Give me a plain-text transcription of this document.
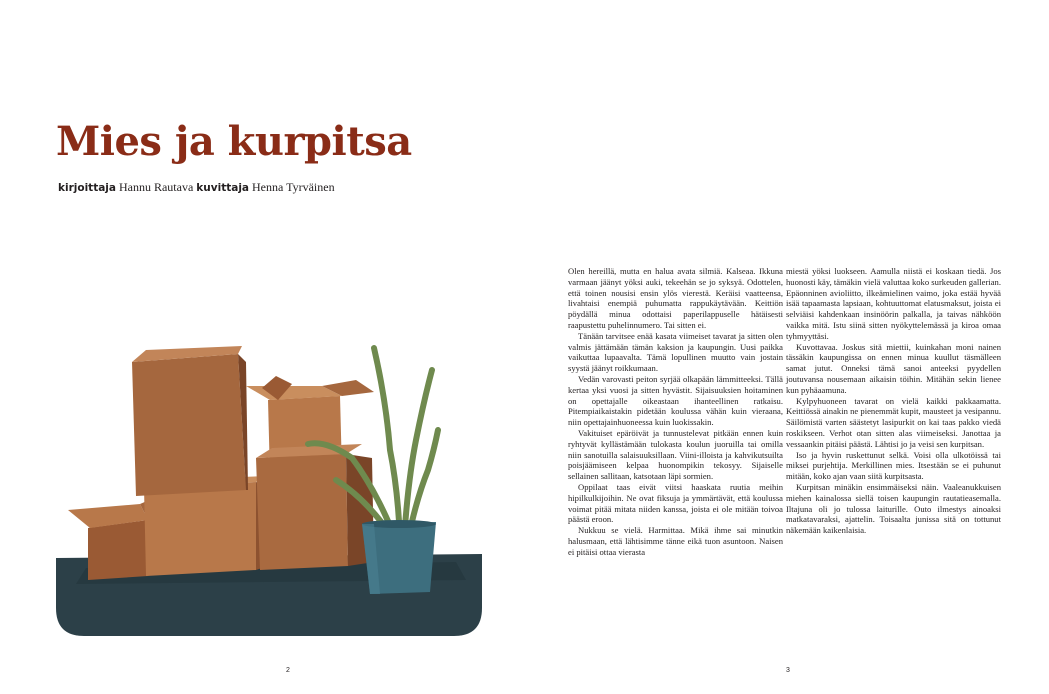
Mies ja kurpitsa
kirjoittaja Hannu Rautava kuvittaja Henna Tyrväinen
2

Olen hereillä, mutta en halua avata silmiä. Kalseaa. Ikkuna varmaan jäänyt yöksi auki, tekeehän se jo syksyä. Odottelen, että toinen nousisi ensin ylös vierestä. Keräisi vaatteensa, livahtaisi enempiä puhumatta rappukäytävään. Keittiön pöydällä minua odottaisi paperilappuselle hätäisesti raapustettu puhelinnumero. Tai sitten ei.

Tänään tarvitsee enää kasata viimeiset tavarat ja sitten olen valmis jättämään tämän kaksion ja kaupungin. Uusi paikka vaikuttaa lupaavalta. Tämä lopullinen muutto vain jostain syystä jäänyt roikkumaan.

Vedän varovasti peiton syrjää olkapään lämmitteeksi. Tällä kertaa yksi vuosi ja sitten hyvästit. Sijaisuuksien hoitaminen on opettajalle oikeastaan ihanteellinen ratkaisu. Pitempiaikaistakin pidetään koulussa vähän kuin vieraana, niin opettajainhuoneessa kuin luokissakin.

Vakituiset epäröivät ja tunnustelevat pitkään ennen kuin ryhtyvät kyllästämään tulokasta koulun juoruilla tai omilla niin sanotuilla salaisuuksillaan. Viini-illoista ja kahvikutsuilta poisjäämiseen kelpaa huonompikin tekosyy. Sijaiselle sellainen sallitaan, katsotaan läpi sormien.

Oppilaat taas eivät viitsi haaskata ruutia meihin hipilkulkijoihin. Ne ovat fiksuja ja ymmärtävät, että koulussa voimat pitää mitata niiden kanssa, joista ei ole mitään toivoa päästä eroon.

Nukkuu se vielä. Harmittaa. Mikä ihme sai minutkin halusmaan, että lähtisimme tänne eikä tuon asuntoon. Naisen ei pitäisi ottaa vierasta

miestä yöksi luokseen. Aamulla niistä ei koskaan tiedä. Jos huonosti käy, tämäkin vielä valuttaa koko surkeuden gallerian. Epäonninen avioliitto, ilkeämielinen vaimo, joka estää hyvää isää tapaamasta lapsiaan, kohtuuttomat elatusmaksut, joista ei selviäisi kahdenkaan insinöörin palkalla, ja taivas nähköön vaikka mitä. Istu siinä sitten nyökyttelemässä ja kiroa omaa tyhmyyttäsi.

Kuvottavaa. Joskus sitä miettii, kuinkahan moni nainen tässäkin kaupungissa on ennen minua kuullut täsmälleen samat jutut. Onneksi tämä sanoi anteeksi pyydellen joutuvansa nousemaan aikaisin töihin. Mitähän sekin lienee kun pyhäaamuna.

Kylpyhuoneen tavarat on vielä kaikki pakkaamatta. Keittiössä ainakin ne pienemmät kupit, mausteet ja vesipannu. Säilömistä varten säästetyt lasipurkit on kai taas pakko viedä roskikseen. Verhot otan sitten alas viimeiseksi. Janottaa ja vessaankin pitäisi päästä. Lähtisi jo ja veisi sen kurpitsan.

Iso ja hyvin ruskettunut selkä. Voisi olla ulkotöissä tai miksei purjehtija. Merkillinen mies. Itsestään se ei puhunut mitään, koko ajan vaan siitä kurpitsasta.

Kurpitsan minäkin ensimmäiseksi näin. Vaaleanukkuisen miehen kainalossa siellä toisen kaupungin rautatieasemalla. Iltajuna oli jo tulossa laiturille. Outo ilmestys ainoaksi matkatavaraksi, ajattelin. Toisaalta junissa sitä on tottunut näkemään kaikenlaisia.

3
